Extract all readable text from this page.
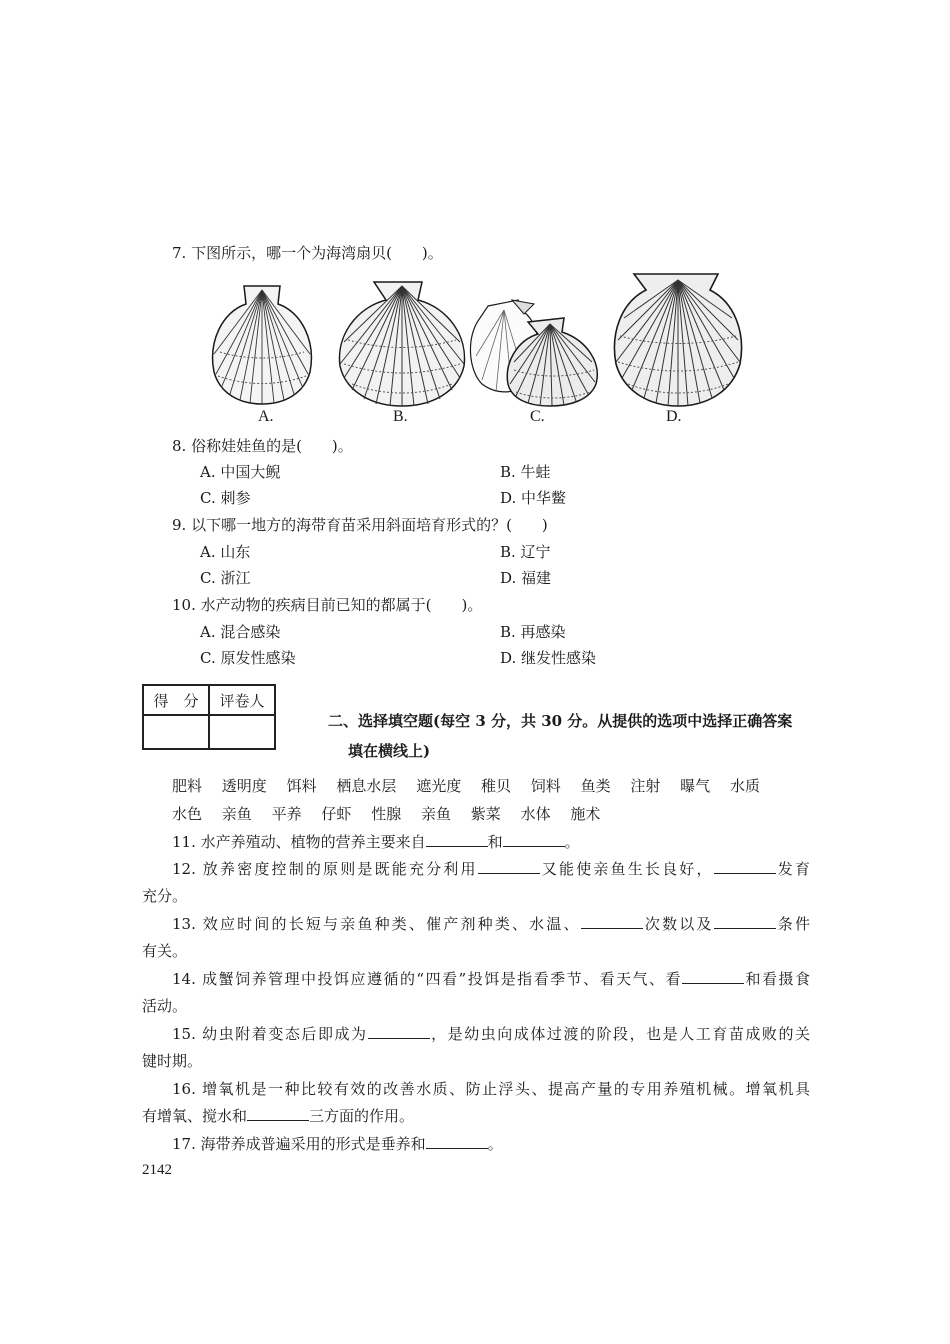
7. 下图所示，哪一个为海湾扇贝(　　)。
A.	B.	C.	D.
8. 俗称娃娃鱼的是(　　)。
A. 中国大鲵	B. 牛蛙
C. 刺参	D. 中华鳖
9. 以下哪一地方的海带育苗采用斜面培育形式的？(　　)
A. 山东	B. 辽宁
C. 浙江	D. 福建
10. 水产动物的疾病目前已知的都属于(　　)。
A. 混合感染	B. 再感染
C. 原发性感染	D. 继发性感染
得　分	评卷人

二、选择填空题(每空 3 分，共 30 分。从提供的选项中选择正确答案
填在横线上)
肥料 透明度 饵料 栖息水层 遮光度 稚贝 饲料 鱼类 注射 曝气 水质
水色 亲鱼 平养 仔虾 性腺 亲鱼 紫菜 水体 施术
11. 水产养殖动、植物的营养主要来自	和	。
12. 放养密度控制的原则是既能充分利用	又能使亲鱼生长良好，	发育
充分。
13. 效应时间的长短与亲鱼种类、催产剂种类、水温、	次数以及	条件
有关。
14. 成蟹饲养管理中投饵应遵循的“四看”投饵是指看季节、看天气、看	和看摄食
活动。
15. 幼虫附着变态后即成为	，是幼虫向成体过渡的阶段，也是人工育苗成败的关
键时期。
16. 增氧机是一种比较有效的改善水质、防止浮头、提高产量的专用养殖机械。增氧机具
有增氧、搅水和	三方面的作用。
17. 海带养成普遍采用的形式是垂养和	。
2142
